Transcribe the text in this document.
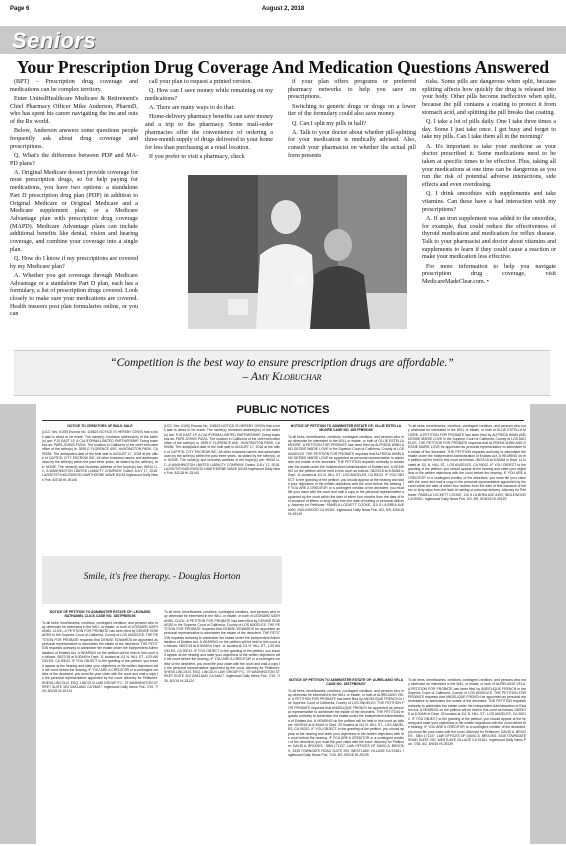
Page 6	August 2, 2018
Seniors
Your Prescription Drug Coverage And Medication Questions Answered

(BPT) - Prescription drug coverage and medications can be complex territory.

Enter UnitedHealthcare Medicare & Retirement's Chief Pharmacy Officer Mike Anderson, PharmD, who has spent his career navigating the ins and outs of the Rx world.

Below, Anderson answers some questions people frequently ask about drug coverage and prescriptions.

Q. What's the difference between PDP and MA-PD plans?

A. Original Medicare doesn't provide coverage for most prescription drugs, so for help paying for medications, you have two options: a standalone Part D prescription drug plan (PDP) in addition to Original Medicare or Original Medicare and a Medicare supplement plan; or a Medicare Advantage plan with prescription drug coverage (MAPD). Medicare Advantage plans can include additional benefits like dental, vision and hearing coverage, and combine your coverage into a single plan.

Q. How do I know if my prescriptions are covered by my Medicare plan?

A. Whether you get coverage through Medicare Advantage or a standalone Part D plan, each has a formulary, a list of prescription drugs covered. Look closely to make sure your medications are covered. Health insurers post plan formularies online, or you can

call your plan to request a printed version.

Q. How can I save money while remaining on my medications?

A. There are many ways to do that:

Home-delivery pharmacy benefits can save money and a trip to the pharmacy. Some mail-order pharmacies offer the convenience of ordering a three-month supply of drugs delivered to your home for less than purchasing at a retail location.

If you prefer to visit a pharmacy, check

if your plan offers programs or preferred pharmacy networks to help you save on prescriptions.

Switching to generic drugs or drugs on a lower tier of the formulary could also save money.

Q. Can I split my pills in half?

A. Talk to your doctor about whether pill-splitting for your medication is medically advised. Also, consult your pharmacist on whether the actual pill form presents

risks. Some pills are dangerous when split, because splitting affects how quickly the drug is released into your body. Other pills become ineffective when split, because the pill contains a coating to protect it from stomach acid, and splitting the pill breaks that coating.

Q. I take a lot of pills daily. One I take three times a day. Some I just take once. I get busy and forget to take my pills. Can I take them all in the morning?

A. It's important to take your medicine as your doctor prescribed it. Some medications need to be taken at specific times to be effective. Plus, taking all your medications at one time can be dangerous as you run the risk of potential adverse interactions, side effects and even overdosing.

Q. I drink smoothies with supplements and take vitamins. Can these have a bad interaction with my prescriptions?

A. If an iron supplement was added to the smoothie, for example, that could reduce the effectiveness of thyroid medication and medication for reflux disease. Talk to your pharmacist and doctor about vitamins and supplements to learn if they could cause a reaction or make your medication less effective.

For more information to help you navigate prescription drug coverage, visit MedicareMadeClear.com. •

“Competition is the best way to ensure prescription drugs are affordable.”
– Amy Klobuchar
PUBLIC NOTICES
NOTICE TO CREDITORS OF BULK SALE
(UCC Sec. 6105) Escrow No. 118623 NOTICE IS HEREBY GIVEN that a bulk sale is about to be made. The name(s), business address(es) of the seller(s) are: PJS EAST LP, A CALIFORNIA LIMITED PARTNERSHIP. Doing business as: PAPA JOHNS PIZZA. The location in California of the chief executive office of the seller(s) is: 3939 E FLORENCE AVE, HUNTINGTON PARK, CA 90255. The anticipated date of the bulk sale is AUGUST 17, 2018 at the office of CAPITOL CITY ESCROW INC. All other business names and addresses used by the seller(s) within the past three years, as stated by the seller(s), are: NONE. The name(s) and business address of the buyer(s) are: WINU LLC, A WASHINGTON LIMITED LIABILITY COMPANY. Dated: JULY 17, 2018. LA2057070 INGLEWOOD HAWTHORNE WAVE 8/2/18 Inglewood Daily News Pub. 8/2/18 HI-25145
(UCC Sec. 6105) Escrow No. 118623 NOTICE IS HEREBY GIVEN that a bulk sale is about to be made. The name(s), business address(es) of the seller(s) are: PJS EAST LP, A CALIFORNIA LIMITED PARTNERSHIP. Doing business as: PAPA JOHNS PIZZA. The location in California of the chief executive office of the seller(s) is: 3939 E FLORENCE AVE, HUNTINGTON PARK, CA 90255. The anticipated date of the bulk sale is AUGUST 17, 2018 at the office of CAPITOL CITY ESCROW INC. All other business names and addresses used by the seller(s) within the past three years, as stated by the seller(s), are: NONE. The name(s) and business address of the buyer(s) are: WINU LLC, A WASHINGTON LIMITED LIABILITY COMPANY. Dated: JULY 17, 2018. LA2057070 INGLEWOOD HAWTHORNE WAVE 8/2/18 Inglewood Daily News Pub. 8/2/18 HI-25145
NOTICE OF PETITION TO ADMINISTER ESTATE OF: OLLIE ESTELLA MOORE CASE NO. 18STPB05169
To all heirs, beneficiaries, creditors, contingent creditors, and persons who may otherwise be interested in the WILL or estate, or both of OLLIE ESTELLA MOORE. A PETITION FOR PROBATE has been filed by ALFREDA WINN AND DESSIE MARIE LOVE in the Superior Court of California, County of LOS ANGELES. THE PETITION FOR PROBATE requests that ALFREDA WINN AND DESSIE MARIE LOVE be appointed as personal representative to administer the estate of the decedent. THE PETITION requests authority to administer the estate under the Independent Administration of Estates Act. A HEARING on the petition will be held in this court as follows: 08/22/18 at 8:30AM in Dept. 11 located at 111 N. HILL ST., LOS ANGELES, CA 90012. IF YOU OBJECT to the granting of the petition, you should appear at the hearing and state your objections or file written objections with the court before the hearing. IF YOU ARE A CREDITOR or a contingent creditor of the decedent, you must file your claim with the court and mail a copy to the personal representative appointed by the court within the later of either four months from the date of first issuance of letters or sixty days from the date of mailing or personal delivery. Attorney for Petitioner: PAMELA LOCKETT COOKE, 110 S LA BREA AVE #300, INGLEWOOD CA 90301. Inglewood Daily News Pub. 8/2, 8/9, 8/16/18 HI-25149
To all heirs, beneficiaries, creditors, contingent creditors, and persons who may otherwise be interested in the WILL or estate, or both of OLLIE ESTELLA MOORE. A PETITION FOR PROBATE has been filed by ALFREDA WINN AND DESSIE MARIE LOVE in the Superior Court of California, County of LOS ANGELES. THE PETITION FOR PROBATE requests that ALFREDA WINN AND DESSIE MARIE LOVE be appointed as personal representative to administer the estate of the decedent. THE PETITION requests authority to administer the estate under the Independent Administration of Estates Act. A HEARING on the petition will be held in this court as follows: 08/22/18 at 8:30AM in Dept. 11 located at 111 N. HILL ST., LOS ANGELES, CA 90012. IF YOU OBJECT to the granting of the petition, you should appear at the hearing and state your objections or file written objections with the court before the hearing. IF YOU ARE A CREDITOR or a contingent creditor of the decedent, you must file your claim with the court and mail a copy to the personal representative appointed by the court within the later of either four months from the date of first issuance of letters or sixty days from the date of mailing or personal delivery. Attorney for Petitioner: PAMELA LOCKETT COOKE, 110 S LA BREA AVE #300, INGLEWOOD CA 90301. Inglewood Daily News Pub. 8/2, 8/9, 8/16/18 HI-25149
Smile, it's free therapy. - Douglas Horton
NOTICE OF PETITION TO ADMINISTER ESTATE OF: LEONARD NATHANIEL CLICK CASE NO. 18STPB05193
To all heirs, beneficiaries, creditors, contingent creditors, and persons who may otherwise be interested in the WILL or estate, or both of LEONARD NATHANIEL CLICK. A PETITION FOR PROBATE has been filed by DENISE EDWARDS in the Superior Court of California, County of LOS ANGELES. THE PETITION FOR PROBATE requests that DENISE EDWARDS be appointed as personal representative to administer the estate of the decedent. THE PETITION requests authority to administer the estate under the Independent Administration of Estates Act. A HEARING on the petition will be held in this court as follows: 08/27/18 at 8:30AM in Dept. 11 located at 111 N. HILL ST., LOS ANGELES, CA 90012. IF YOU OBJECT to the granting of the petition, you should appear at the hearing and state your objections or file written objections with the court before the hearing. IF YOU ARE A CREDITOR or a contingent creditor of the decedent, you must file your claim with the court and mail a copy to the personal representative appointed by the court. Attorney for Petitioner: SHEVA LINCOLN, ESQ. LINCOLN LAW GROUP P.C. 75 WASHINGTON STREET SUITE 303 OAKLAND CA 94607. Inglewood Daily News Pub. 7/19, 7/26, 8/2/18 HI-25124
To all heirs, beneficiaries, creditors, contingent creditors, and persons who may otherwise be interested in the WILL or estate, or both of LEONARD NATHANIEL CLICK. A PETITION FOR PROBATE has been filed by DENISE EDWARDS in the Superior Court of California, County of LOS ANGELES. THE PETITION FOR PROBATE requests that DENISE EDWARDS be appointed as personal representative to administer the estate of the decedent. THE PETITION requests authority to administer the estate under the Independent Administration of Estates Act. A HEARING on the petition will be held in this court as follows: 08/27/18 at 8:30AM in Dept. 11 located at 111 N. HILL ST., LOS ANGELES, CA 90012. IF YOU OBJECT to the granting of the petition, you should appear at the hearing and state your objections or file written objections with the court before the hearing. IF YOU ARE A CREDITOR or a contingent creditor of the decedent, you must file your claim with the court and mail a copy to the personal representative appointed by the court. Attorney for Petitioner: SHEVA LINCOLN, ESQ. LINCOLN LAW GROUP P.C. 75 WASHINGTON STREET SUITE 303 OAKLAND CA 94607. Inglewood Daily News Pub. 7/19, 7/26, 8/2/18 HI-25124	NOTICE OF PETITION TO ADMINISTER ESTATE OF: AURELIANO VELA CASE NO. 18STPB05207
To all heirs, beneficiaries, creditors, contingent creditors, and persons who may otherwise be interested in the WILL or estate, or both of AURELIANO VELA. A PETITION FOR PROBATE has been filed by ANGELIQUE FRENCH in the Superior Court of California, County of LOS ANGELES. THE PETITION FOR PROBATE requests that ANGELIQUE FRENCH be appointed as personal representative to administer the estate of the decedent. THE PETITION requests authority to administer the estate under the Independent Administration of Estates Act. A HEARING on the petition will be held in this court as follows: 08/29/18 at 8:30AM in Dept. 29 located at 111 N. HILL ST., LOS ANGELES, CA 90012. IF YOU OBJECT to the granting of the petition, you should appear at the hearing and state your objections or file written objections with the court before the hearing. IF YOU ARE A CREDITOR or a contingent creditor of the decedent, you must file your claim with the court. Attorney for Petitioner: DAVID A. BROOKS - SBN 171137, LAW OFFICES OF DAVID A. BROOKS, 3435 TOWNGATE ROAD SUITE 200, WESTLAKE VILLAGE CA 91361. Inglewood Daily News Pub. 7/26, 8/2, 8/9/18 HI-25139
To all heirs, beneficiaries, creditors, contingent creditors, and persons who may otherwise be interested in the WILL or estate, or both of AURELIANO VELA. A PETITION FOR PROBATE has been filed by ANGELIQUE FRENCH in the Superior Court of California, County of LOS ANGELES. THE PETITION FOR PROBATE requests that ANGELIQUE FRENCH be appointed as personal representative to administer the estate of the decedent. THE PETITION requests authority to administer the estate under the Independent Administration of Estates Act. A HEARING on the petition will be held in this court as follows: 08/29/18 at 8:30AM in Dept. 29 located at 111 N. HILL ST., LOS ANGELES, CA 90012. IF YOU OBJECT to the granting of the petition, you should appear at the hearing and state your objections or file written objections with the court before the hearing. IF YOU ARE A CREDITOR or a contingent creditor of the decedent, you must file your claim with the court. Attorney for Petitioner: DAVID A. BROOKS - SBN 171137, LAW OFFICES OF DAVID A. BROOKS, 3435 TOWNGATE ROAD SUITE 200, WESTLAKE VILLAGE CA 91361. Inglewood Daily News Pub. 7/26, 8/2, 8/9/18 HI-25139
